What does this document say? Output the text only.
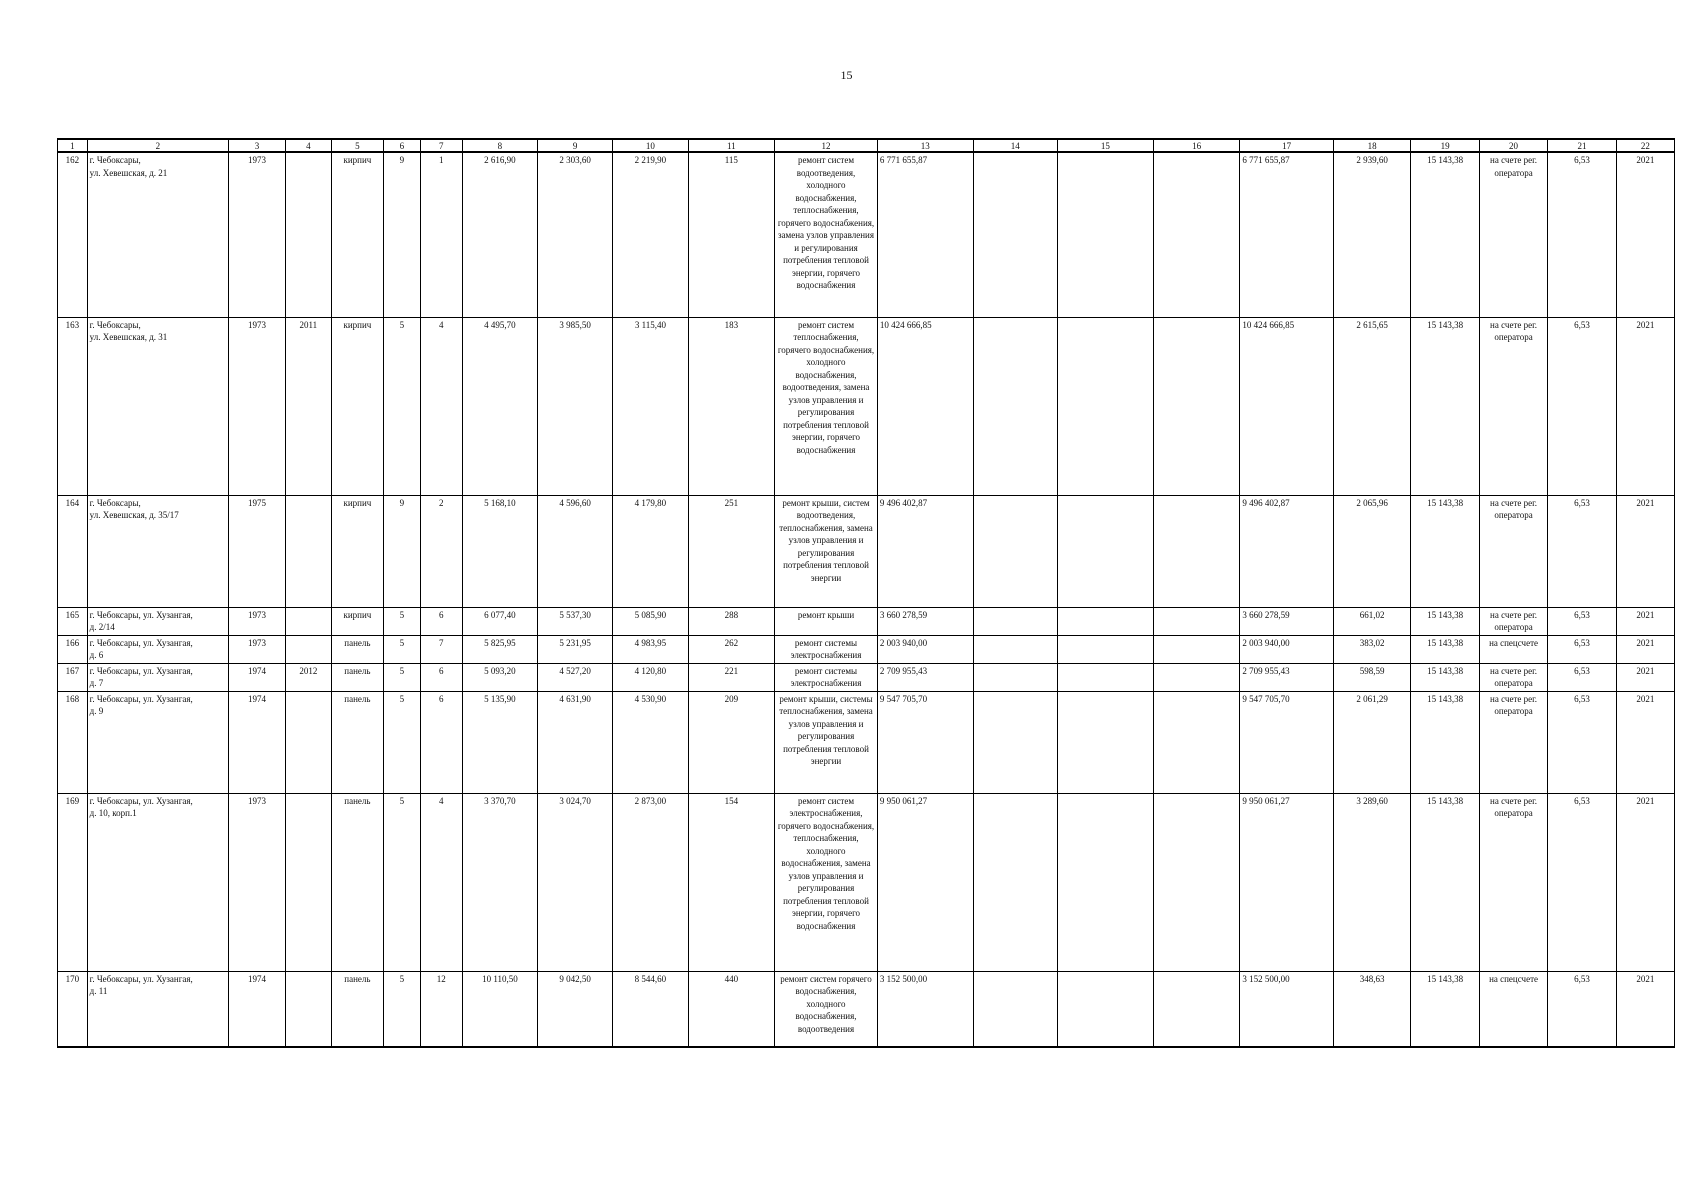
15
1	2	3	4	5	6	7	8	9	10	11	12	13	14	15	16	17	18	19	20	21	22

162	г. Чебоксары,
ул. Хевешская, д. 21	1973		кирпич	9	1	2 616,90	2 303,60	2 219,90	115	ремонт систем водоотведения, холодного водоснабжения, теплоснабжения, горячего водоснабжения, замена узлов управления и регулирования потребления тепловой энергии, горячего водоснабжения	6 771 655,87				6 771 655,87	2 939,60	15 143,38	на счете рег. оператора	6,53	2021

163	г. Чебоксары,
ул. Хевешская, д. 31	1973	2011	кирпич	5	4	4 495,70	3 985,50	3 115,40	183	ремонт систем теплоснабжения, горячего водоснабжения, холодного водоснабжения, водоотведения, замена узлов управления и регулирования потребления тепловой энергии, горячего водоснабжения	10 424 666,85				10 424 666,85	2 615,65	15 143,38	на счете рег. оператора	6,53	2021

164	г. Чебоксары,
ул. Хевешская, д. 35/17	1975		кирпич	9	2	5 168,10	4 596,60	4 179,80	251	ремонт крыши, систем водоотведения, теплоснабжения, замена узлов управления и регулирования потребления тепловой энергии	9 496 402,87				9 496 402,87	2 065,96	15 143,38	на счете рег. оператора	6,53	2021

165	г. Чебоксары, ул. Хузангая,
д. 2/14	1973		кирпич	5	6	6 077,40	5 537,30	5 085,90	288	ремонт крыши	3 660 278,59				3 660 278,59	661,02	15 143,38	на счете рег. оператора	6,53	2021

166	г. Чебоксары, ул. Хузангая,
д. 6	1973		панель	5	7	5 825,95	5 231,95	4 983,95	262	ремонт системы электроснабжения	2 003 940,00				2 003 940,00	383,02	15 143,38	на спецсчете	6,53	2021

167	г. Чебоксары, ул. Хузангая,
д. 7	1974	2012	панель	5	6	5 093,20	4 527,20	4 120,80	221	ремонт системы электроснабжения	2 709 955,43				2 709 955,43	598,59	15 143,38	на счете рег. оператора	6,53	2021

168	г. Чебоксары, ул. Хузангая,
д. 9	1974		панель	5	6	5 135,90	4 631,90	4 530,90	209	ремонт крыши, системы теплоснабжения, замена узлов управления и регулирования потребления тепловой энергии	9 547 705,70				9 547 705,70	2 061,29	15 143,38	на счете рег. оператора	6,53	2021

169	г. Чебоксары, ул. Хузангая,
д. 10, корп.1	1973		панель	5	4	3 370,70	3 024,70	2 873,00	154	ремонт систем электроснабжения, горячего водоснабжения, теплоснабжения, холодного водоснабжения, замена узлов управления и регулирования потребления тепловой энергии, горячего водоснабжения	9 950 061,27				9 950 061,27	3 289,60	15 143,38	на счете рег. оператора	6,53	2021

170	г. Чебоксары, ул. Хузангая,
д. 11	1974		панель	5	12	10 110,50	9 042,50	8 544,60	440	ремонт систем горячего водоснабжения, холодного водоснабжения, водоотведения	3 152 500,00				3 152 500,00	348,63	15 143,38	на спецсчете	6,53	2021
